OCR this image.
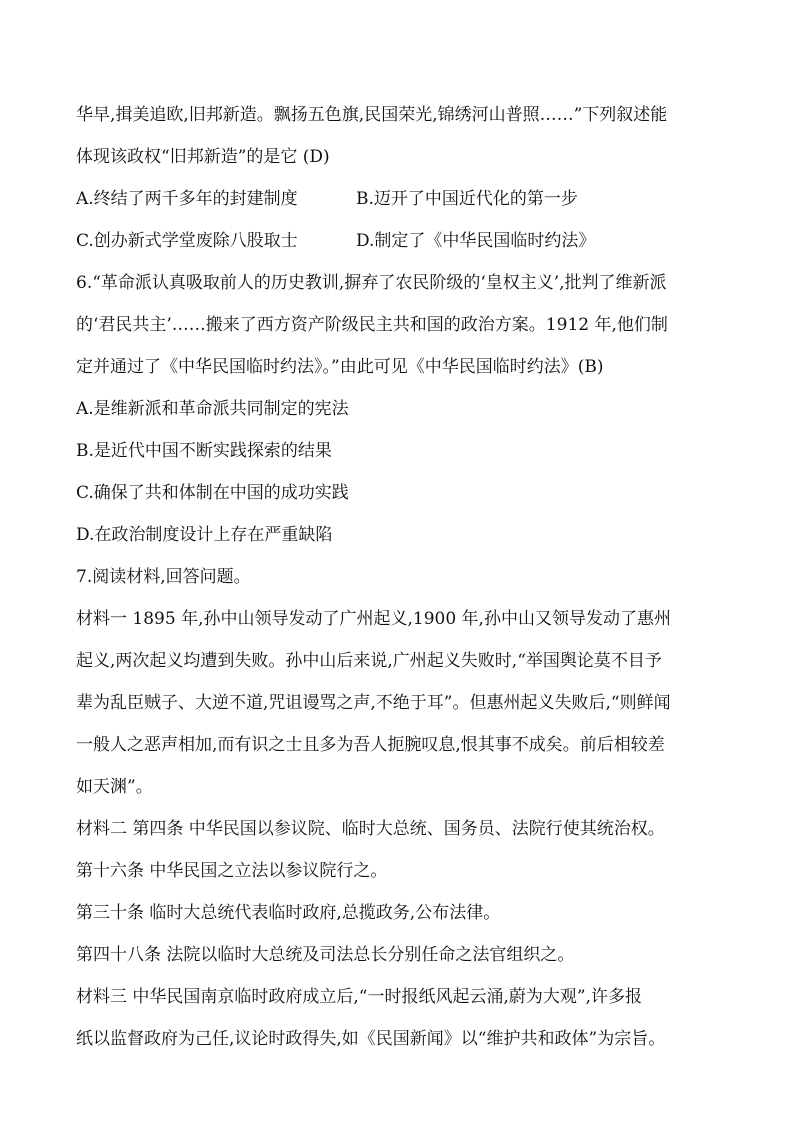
华早,揖美追欧,旧邦新造。飘扬五色旗,民国荣光,锦绣河山普照……”下列叙述能
体现该政权“旧邦新造”的是它 (D)
A.终结了两千多年的封建制度	B.迈开了中国近代化的第一步
C.创办新式学堂废除八股取士	D.制定了《中华民国临时约法》
6.“革命派认真吸取前人的历史教训,摒弃了农民阶级的‘皇权主义’,批判了维新派
的‘君民共主’……搬来了西方资产阶级民主共和国的政治方案。1912 年,他们制
定并通过了《中华民国临时约法》。”由此可见《中华民国临时约法》(B)
A.是维新派和革命派共同制定的宪法
B.是近代中国不断实践探索的结果
C.确保了共和体制在中国的成功实践
D.在政治制度设计上存在严重缺陷
7.阅读材料,回答问题。
材料一 1895 年,孙中山领导发动了广州起义,1900 年,孙中山又领导发动了惠州
起义,两次起义均遭到失败。孙中山后来说,广州起义失败时,“举国舆论莫不目予
辈为乱臣贼子、大逆不道,咒诅谩骂之声,不绝于耳”。但惠州起义失败后,“则鲜闻
一般人之恶声相加,而有识之士且多为吾人扼腕叹息,恨其事不成矣。前后相较差
如天渊”。
材料二 第四条 中华民国以参议院、临时大总统、国务员、法院行使其统治权。
第十六条 中华民国之立法以参议院行之。
第三十条 临时大总统代表临时政府,总揽政务,公布法律。
第四十八条 法院以临时大总统及司法总长分别任命之法官组织之。
材料三 中华民国南京临时政府成立后,“一时报纸风起云涌,蔚为大观”,许多报
纸以监督政府为己任,议论时政得失,如《民国新闻》以“维护共和政体”为宗旨。
